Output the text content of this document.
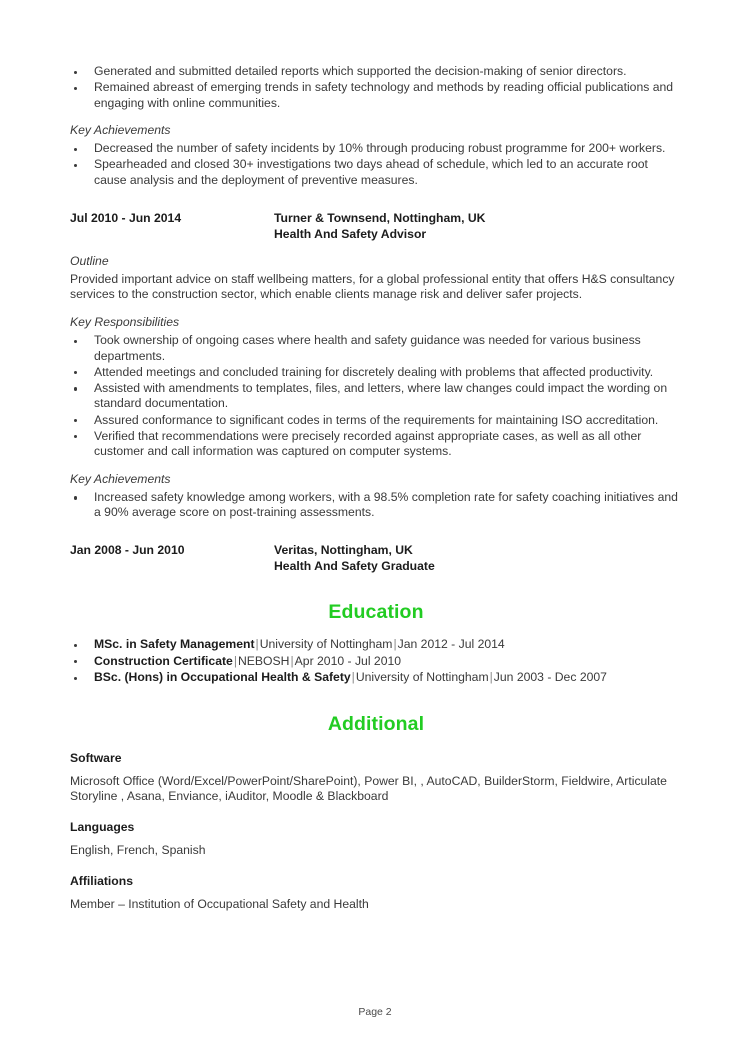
Generated and submitted detailed reports which supported the decision-making of senior directors.
Remained abreast of emerging trends in safety technology and methods by reading official publications and engaging with online communities.
Key Achievements
Decreased the number of safety incidents by 10% through producing robust programme for 200+ workers.
Spearheaded and closed 30+ investigations two days ahead of schedule, which led to an accurate root cause analysis and the deployment of preventive measures.
Jul 2010 - Jun 2014	Turner & Townsend, Nottingham, UK
Health And Safety Advisor
Outline

Provided important advice on staff wellbeing matters, for a global professional entity that offers H&S consultancy services to the construction sector, which enable clients manage risk and deliver safer projects.

Key Responsibilities
Took ownership of ongoing cases where health and safety guidance was needed for various business departments.
Attended meetings and concluded training for discretely dealing with problems that affected productivity.
Assisted with amendments to templates, files, and letters, where law changes could impact the wording on standard documentation.
Assured conformance to significant codes in terms of the requirements for maintaining ISO accreditation.
Verified that recommendations were precisely recorded against appropriate cases, as well as all other customer and call information was captured on computer systems.
Key Achievements
Increased safety knowledge among workers, with a 98.5% completion rate for safety coaching initiatives and a 90% average score on post-training assessments.
Jan 2008 - Jun 2010	Veritas, Nottingham, UK
Health And Safety Graduate
Education
MSc. in Safety Management|University of Nottingham|Jan 2012 - Jul 2014
Construction Certificate|NEBOSH|Apr 2010 - Jul 2010
BSc. (Hons) in Occupational Health & Safety|University of Nottingham|Jun 2003 - Dec 2007
Additional
Software

Microsoft Office (Word/Excel/PowerPoint/SharePoint), Power BI, , AutoCAD, BuilderStorm, Fieldwire, Articulate Storyline , Asana, Enviance, iAuditor, Moodle & Blackboard

Languages

English, French, Spanish

Affiliations

Member – Institution of Occupational Safety and Health

Page 2
